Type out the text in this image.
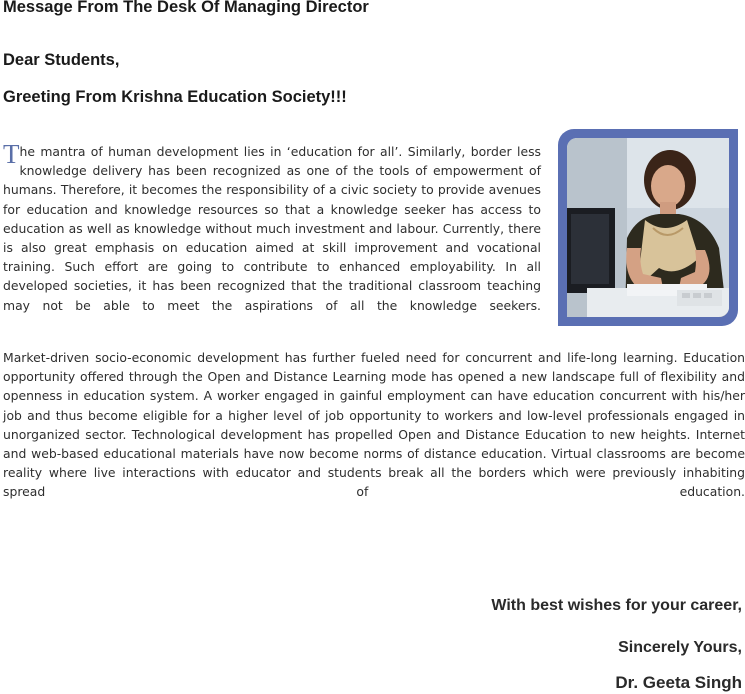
Message From The Desk Of Managing Director
Dear Students,
Greeting From Krishna Education Society!!!
The mantra of human development lies in ‘education for all’. Similarly, border less knowledge delivery has been recognized as one of the tools of empowerment of humans. Therefore, it becomes the responsibility of a civic society to provide avenues for education and knowledge resources so that a knowledge seeker has access to education as well as knowledge without much investment and labour. Currently, there is also great emphasis on education aimed at skill improvement and vocational training. Such effort are going to contribute to enhanced employability. In all developed societies, it has been recognized that the traditional classroom teaching may not be able to meet the aspirations of all the knowledge seekers.
Market-driven socio-economic development has further fueled need for concurrent and life-long learning. Education opportunity offered through the Open and Distance Learning mode has opened a new landscape full of flexibility and openness in education system. A worker engaged in gainful employment can have education concurrent with his/her job and thus become eligible for a higher level of job opportunity to workers and low-level professionals engaged in unorganized sector. Technological development has propelled Open and Distance Education to new heights. Internet and web-based educational materials have now become norms of distance education. Virtual classrooms are become reality where live interactions with educator and students break all the borders which were previously inhabiting spread of education.
With best wishes for your career,
Sincerely Yours,
Dr. Geeta Singh
